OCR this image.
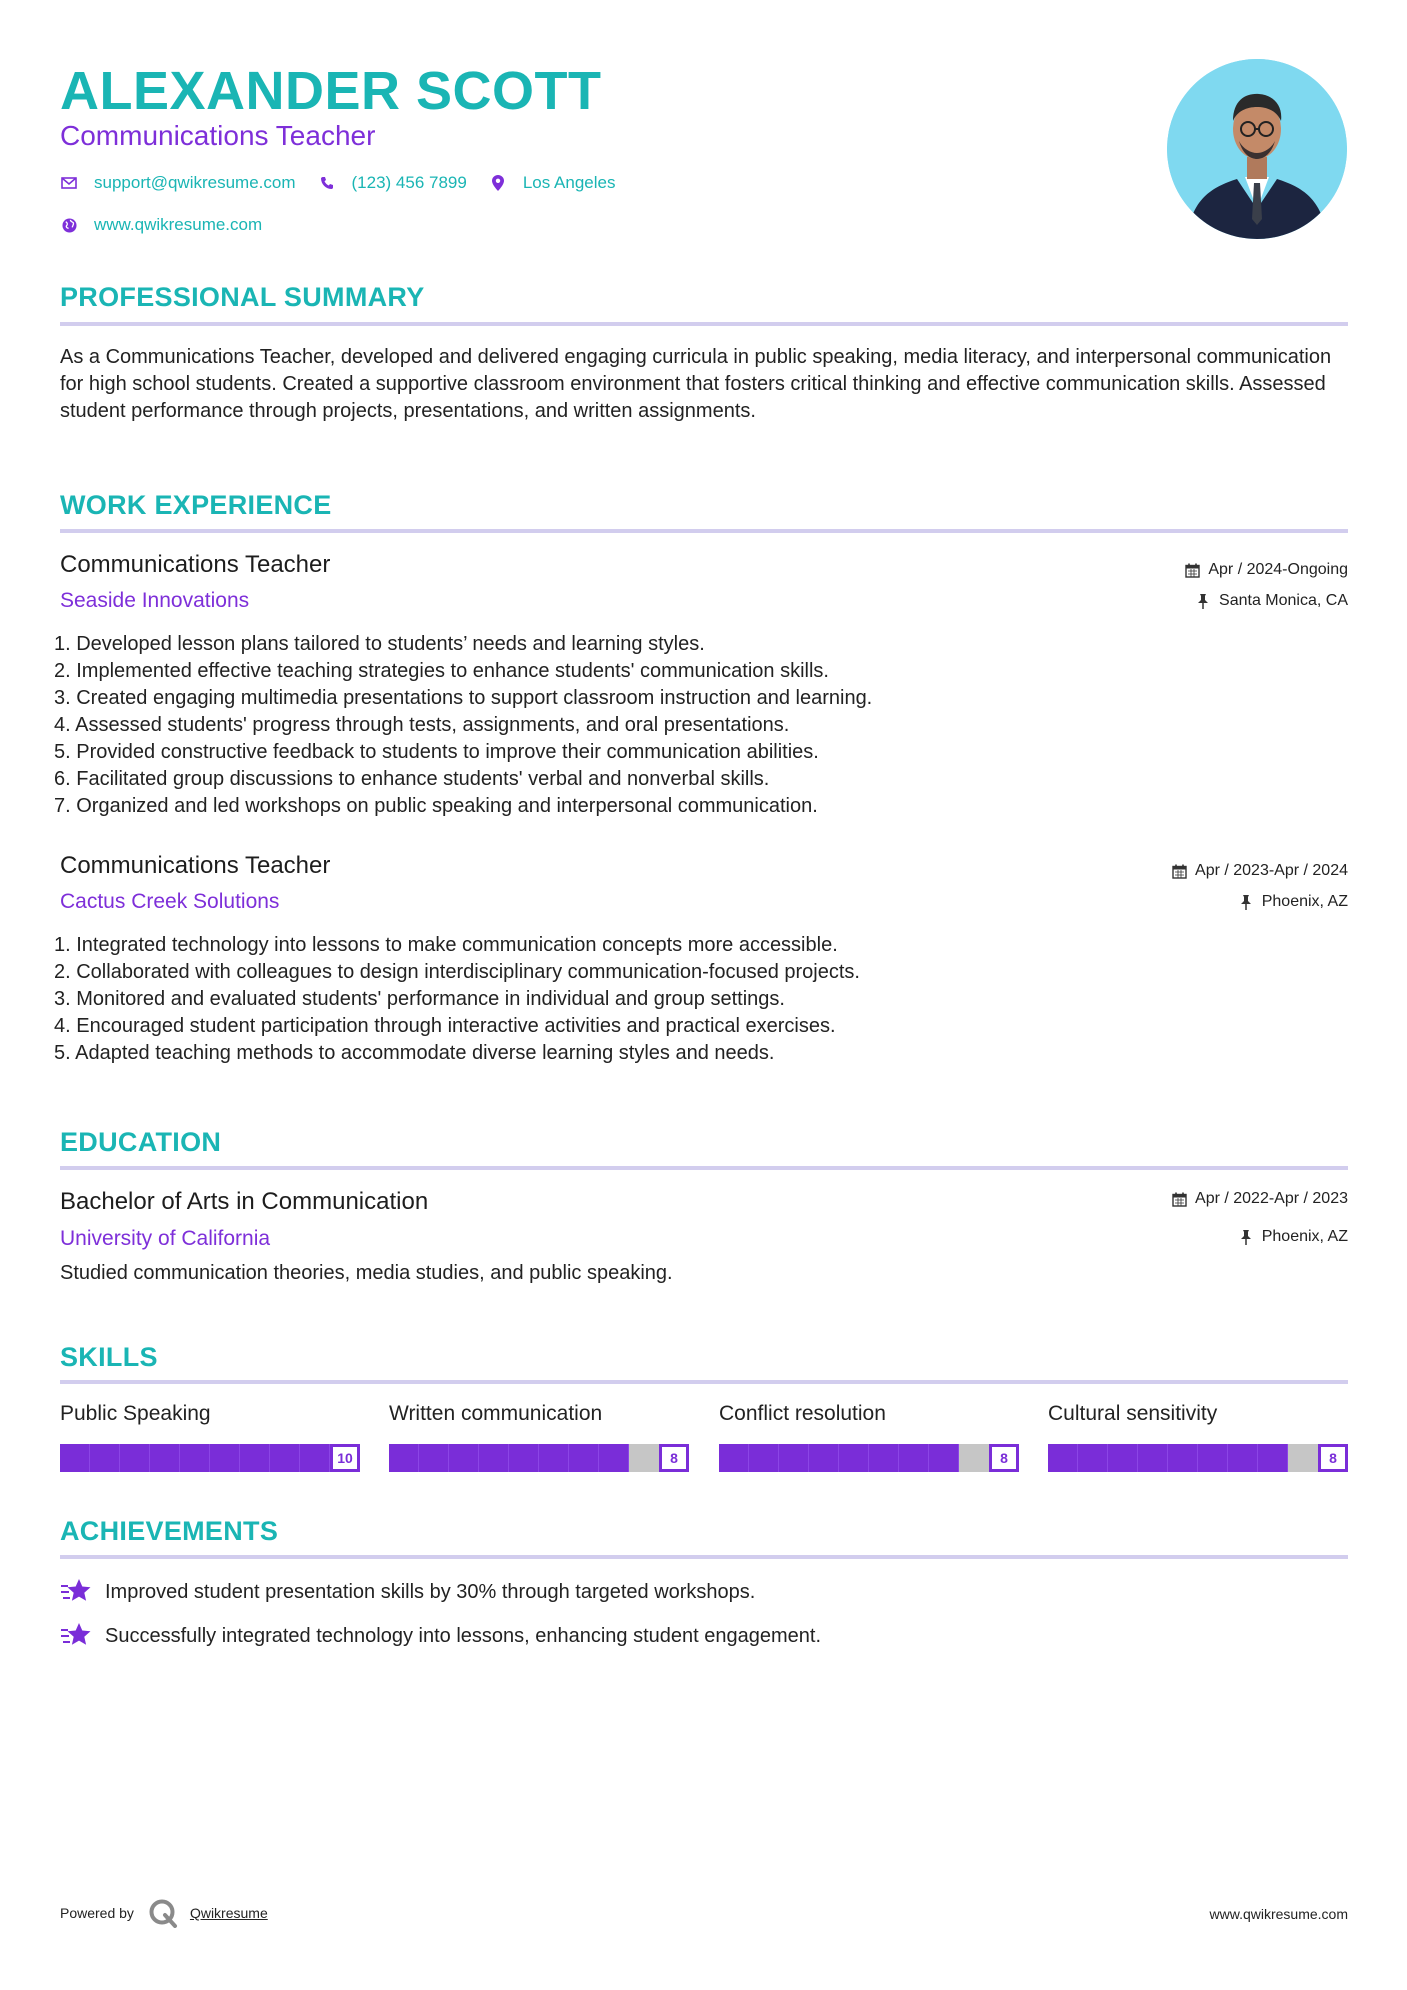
ALEXANDER SCOTT
Communications Teacher
support@qwikresume.com	(123) 456 7899	Los Angeles
www.qwikresume.com
PROFESSIONAL SUMMARY
As a Communications Teacher, developed and delivered engaging curricula in public speaking, media literacy, and interpersonal communication for high school students. Created a supportive classroom environment that fosters critical thinking and effective communication skills. Assessed student performance through projects, presentations, and written assignments.
WORK EXPERIENCE
Communications Teacher
Seaside Innovations
Apr / 2024-Ongoing
Santa Monica, CA
1. Developed lesson plans tailored to students’ needs and learning styles.
2. Implemented effective teaching strategies to enhance students' communication skills.
3. Created engaging multimedia presentations to support classroom instruction and learning.
4. Assessed students' progress through tests, assignments, and oral presentations.
5. Provided constructive feedback to students to improve their communication abilities.
6. Facilitated group discussions to enhance students' verbal and nonverbal skills.
7. Organized and led workshops on public speaking and interpersonal communication.
Communications Teacher
Cactus Creek Solutions
Apr / 2023-Apr / 2024
Phoenix, AZ
1. Integrated technology into lessons to make communication concepts more accessible.
2. Collaborated with colleagues to design interdisciplinary communication-focused projects.
3. Monitored and evaluated students' performance in individual and group settings.
4. Encouraged student participation through interactive activities and practical exercises.
5. Adapted teaching methods to accommodate diverse learning styles and needs.
EDUCATION
Bachelor of Arts in Communication
University of California
Apr / 2022-Apr / 2023
Phoenix, AZ
Studied communication theories, media studies, and public speaking.
SKILLS
Public Speaking
10
Written communication
8
Conflict resolution
8
Cultural sensitivity
8
ACHIEVEMENTS
Improved student presentation skills by 30% through targeted workshops.
Successfully integrated technology into lessons, enhancing student engagement.
Powered by	Qwikresume	www.qwikresume.com
